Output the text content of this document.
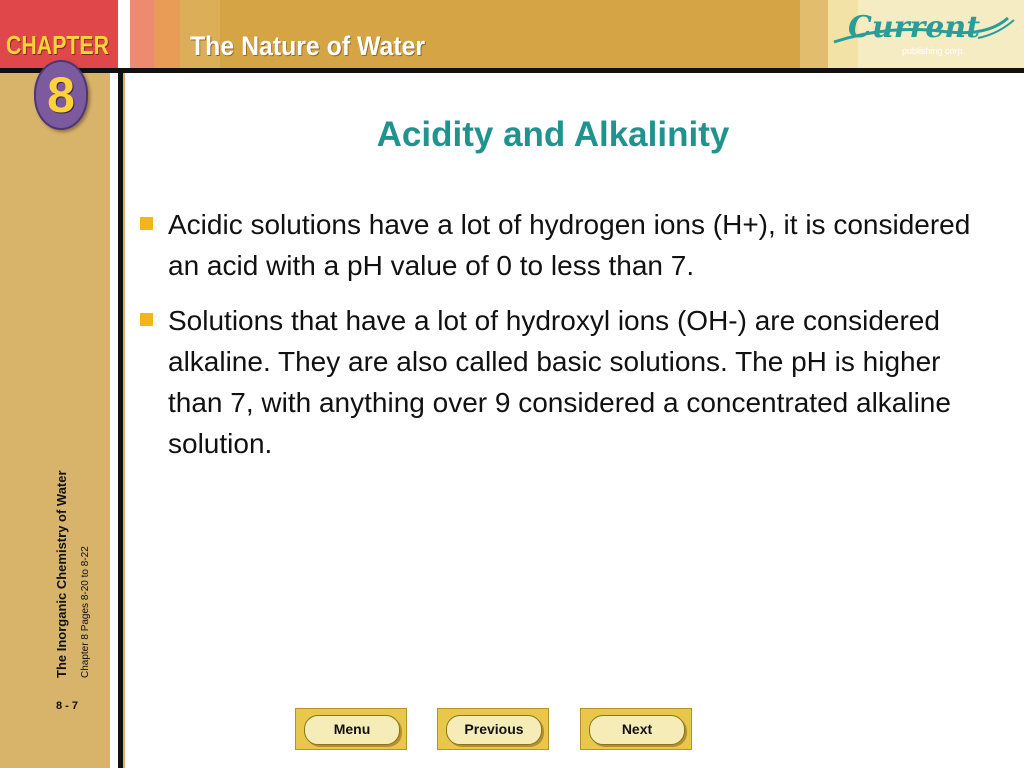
CHAPTER	The Nature of Water
Current
publishing corp.
8
The Inorganic Chemistry of Water Chapter 8 Pages 8-20 to 8-22
8 - 7
Acidity and Alkalinity
Acidic solutions have a lot of hydrogen ions (H+), it is considered an acid with a pH value of 0 to less than 7.
Solutions that have a lot of hydroxyl ions (OH-) are considered alkaline. They are also called basic solutions. The pH is higher than 7, with anything over 9 considered a concentrated alkaline solution.
Menu	Previous	Next
